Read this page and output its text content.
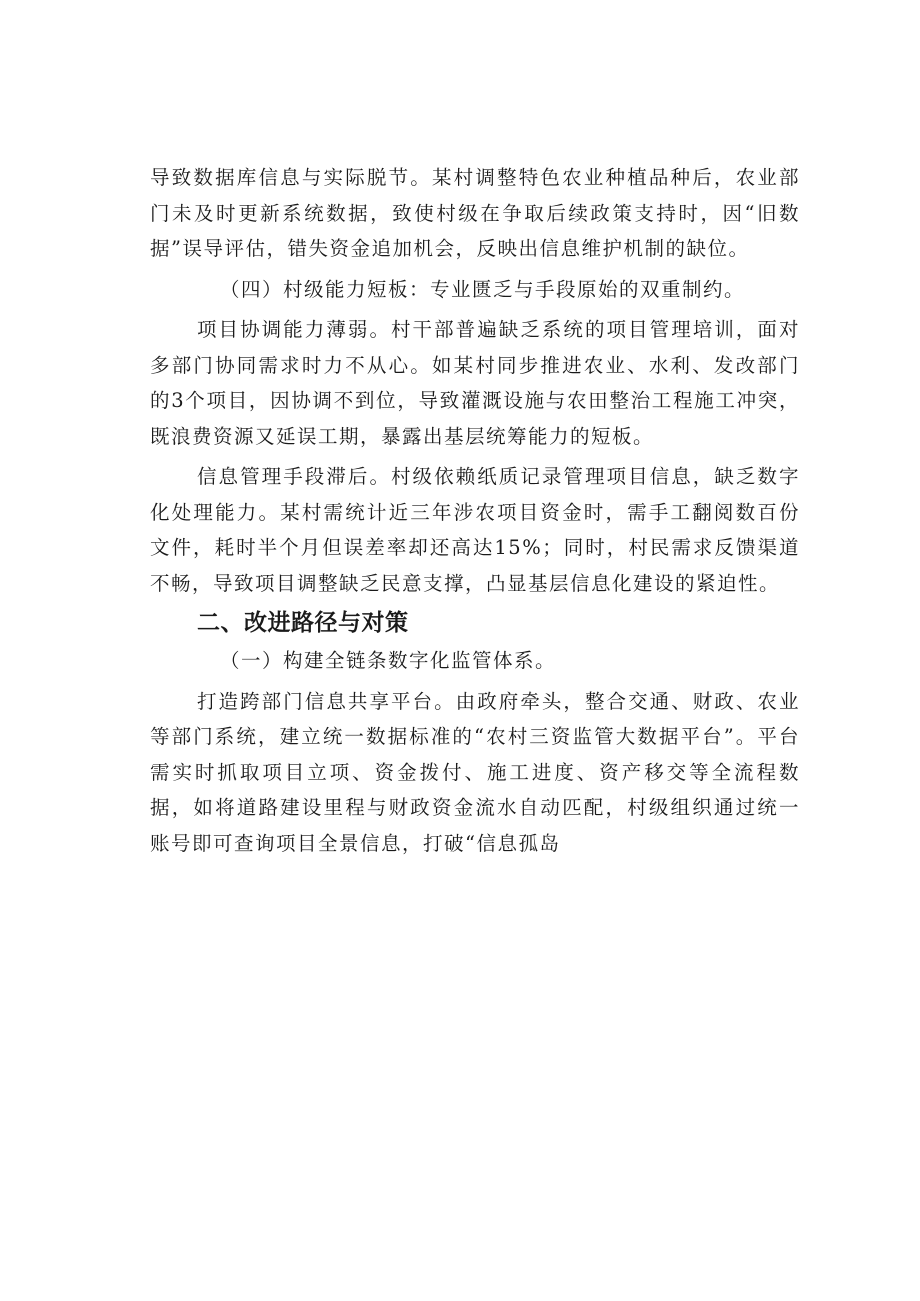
导致数据库信息与实际脱节。某村调整特色农业种植品种后，农业部门未及时更新系统数据，致使村级在争取后续政策支持时，因“旧数据”误导评估，错失资金追加机会，反映出信息维护机制的缺位。

（四）村级能力短板：专业匮乏与手段原始的双重制约。

项目协调能力薄弱。村干部普遍缺乏系统的项目管理培训，面对多部门协同需求时力不从心。如某村同步推进农业、水利、发改部门的3个项目，因协调不到位，导致灌溉设施与农田整治工程施工冲突，既浪费资源又延误工期，暴露出基层统筹能力的短板。

信息管理手段滞后。村级依赖纸质记录管理项目信息，缺乏数字化处理能力。某村需统计近三年涉农项目资金时，需手工翻阅数百份文件，耗时半个月但误差率却还高达15%；同时，村民需求反馈渠道不畅，导致项目调整缺乏民意支撑，凸显基层信息化建设的紧迫性。

二、改进路径与对策

（一）构建全链条数字化监管体系。

打造跨部门信息共享平台。由政府牵头，整合交通、财政、农业等部门系统，建立统一数据标准的“农村三资监管大数据平台”。平台需实时抓取项目立项、资金拨付、施工进度、资产移交等全流程数据，如将道路建设里程与财政资金流水自动匹配，村级组织通过统一账号即可查询项目全景信息，打破“信息孤岛
